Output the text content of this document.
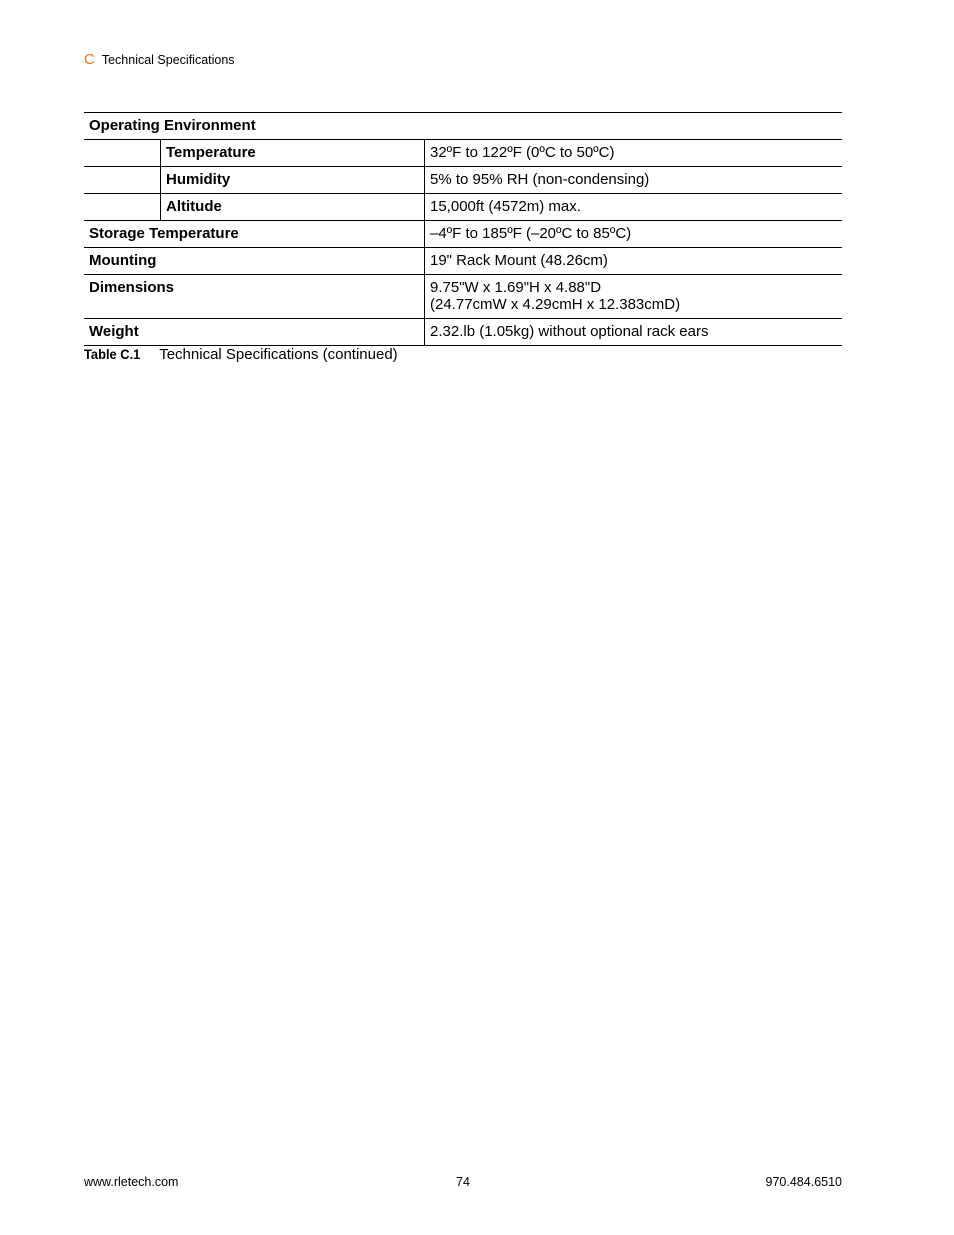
C Technical Specifications
Operating Environment		
	Temperature	32ºF to 122ºF (0ºC to 50ºC)
	Humidity	5% to 95% RH (non-condensing)
	Altitude	15,000ft (4572m) max.
Storage Temperature		–4ºF to 185ºF (–20ºC to 85ºC)
Mounting		19" Rack Mount (48.26cm)
Dimensions		9.75"W x 1.69"H x 4.88"D
(24.77cmW x 4.29cmH x 12.383cmD)

Weight		2.32.lb (1.05kg) without optional rack ears
Table C.1 Technical Specifications (continued)
www.rletech.com	74	970.484.6510
